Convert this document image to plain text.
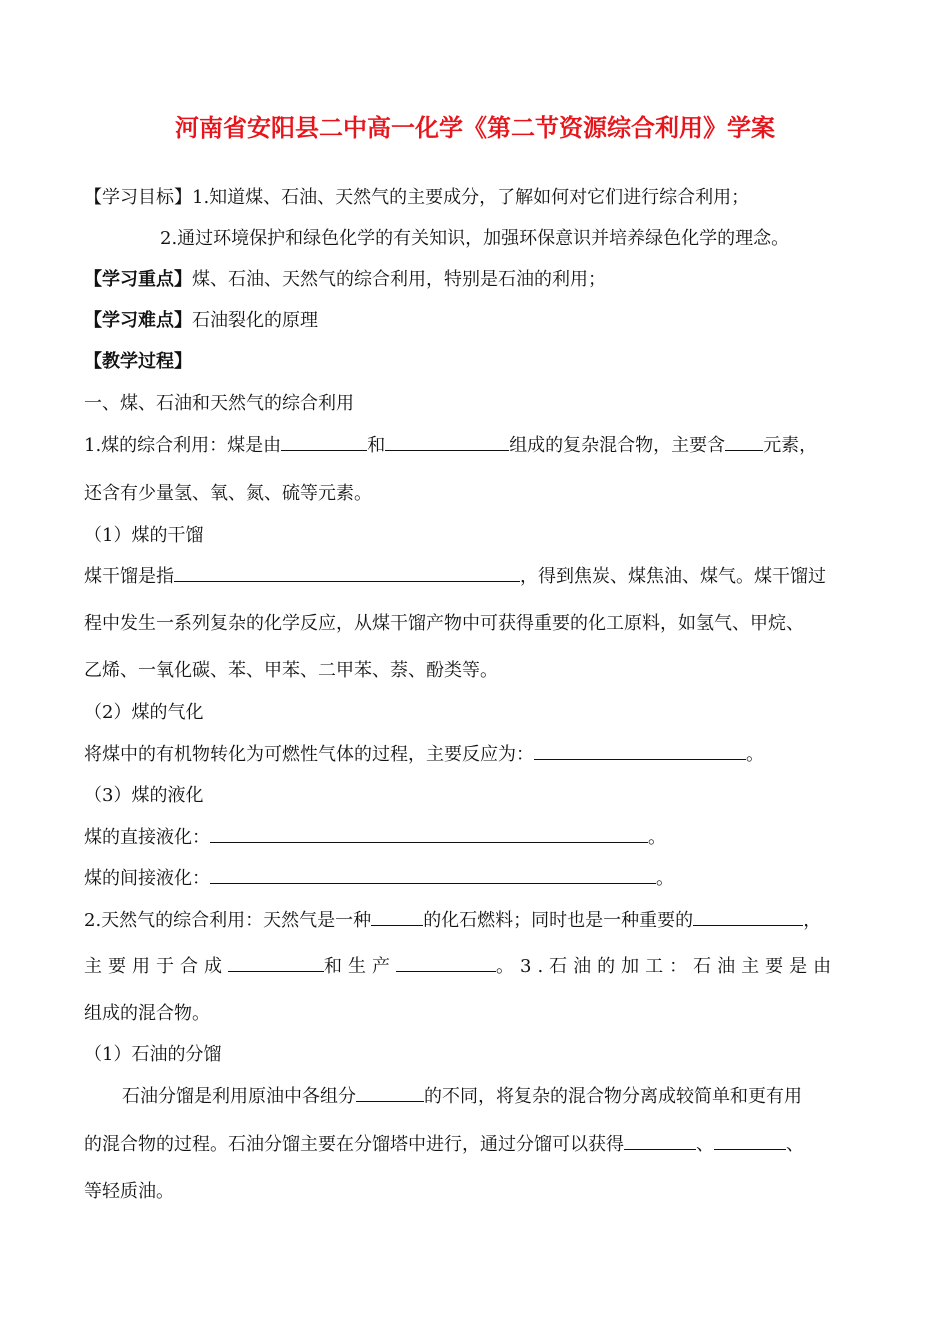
河南省安阳县二中高一化学《第二节资源综合利用》学案
【学习目标】1.知道煤、石油、天然气的主要成分，了解如何对它们进行综合利用；
2.通过环境保护和绿色化学的有关知识，加强环保意识并培养绿色化学的理念。
【学习重点】煤、石油、天然气的综合利用，特别是石油的利用；
【学习难点】石油裂化的原理
【教学过程】
一、煤、石油和天然气的综合利用
1.煤的综合利用：煤是由	和	组成的复杂混合物，主要含 元素，
还含有少量氢、氧、氮、硫等元素。
（1）煤的干馏
煤干馏是指	，得到焦炭、煤焦油、煤气。煤干馏过
程中发生一系列复杂的化学反应，从煤干馏产物中可获得重要的化工原料，如氢气、甲烷、
乙烯、一氧化碳、苯、甲苯、二甲苯、萘、酚类等。
（2）煤的气化
将煤中的有机物转化为可燃性气体的过程，主要反应为：	。
（3）煤的液化
煤的直接液化：	。
煤的间接液化：	。
2.天然气的综合利用：天然气是一种	的化石燃料；同时也是一种重要的	，
主要用于合成	和生产	。3.石油的加工：石油主要是由
组成的混合物。
（1）石油的分馏
石油分馏是利用原油中各组分	的不同，将复杂的混合物分离成较简单和更有用
的混合物的过程。石油分馏主要在分馏塔中进行，通过分馏可以获得	、	、
等轻质油。
